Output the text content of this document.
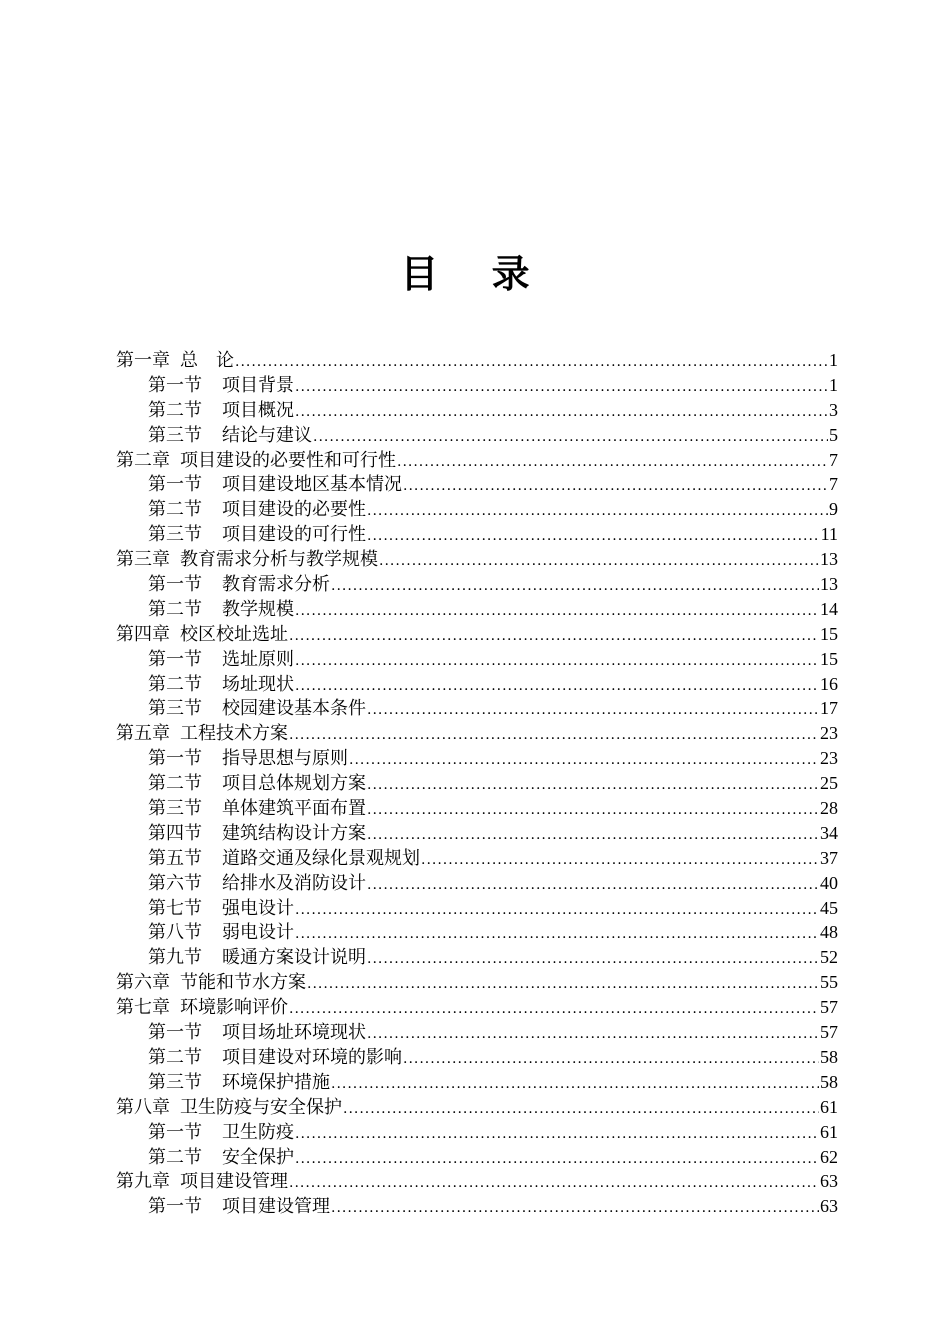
目 录
第一章 总　论 .....	1
第一节 项目背景 .....	1
第二节 项目概况 .....	3
第三节 结论与建议 .....	5
第二章 项目建设的必要性和可行性 .....	7
第一节 项目建设地区基本情况 .....	7
第二节 项目建设的必要性 .....	9
第三节 项目建设的可行性 .....	11
第三章 教育需求分析与教学规模 .....	13
第一节 教育需求分析 .....	13
第二节 教学规模 .....	14
第四章 校区校址选址 .....	15
第一节 选址原则 .....	15
第二节 场址现状 .....	16
第三节 校园建设基本条件 .....	17
第五章 工程技术方案 .....	23
第一节 指导思想与原则 .....	23
第二节 项目总体规划方案 .....	25
第三节 单体建筑平面布置 .....	28
第四节 建筑结构设计方案 .....	34
第五节 道路交通及绿化景观规划 .....	37
第六节 给排水及消防设计 .....	40
第七节 强电设计 .....	45
第八节 弱电设计 .....	48
第九节 暖通方案设计说明 .....	52
第六章 节能和节水方案 .....	55
第七章 环境影响评价 .....	57
第一节 项目场址环境现状 .....	57
第二节 项目建设对环境的影响 .....	58
第三节 环境保护措施 .....	58
第八章 卫生防疫与安全保护 .....	61
第一节 卫生防疫 .....	61
第二节 安全保护 .....	62
第九章 项目建设管理 .....	63
第一节 项目建设管理 .....	63
